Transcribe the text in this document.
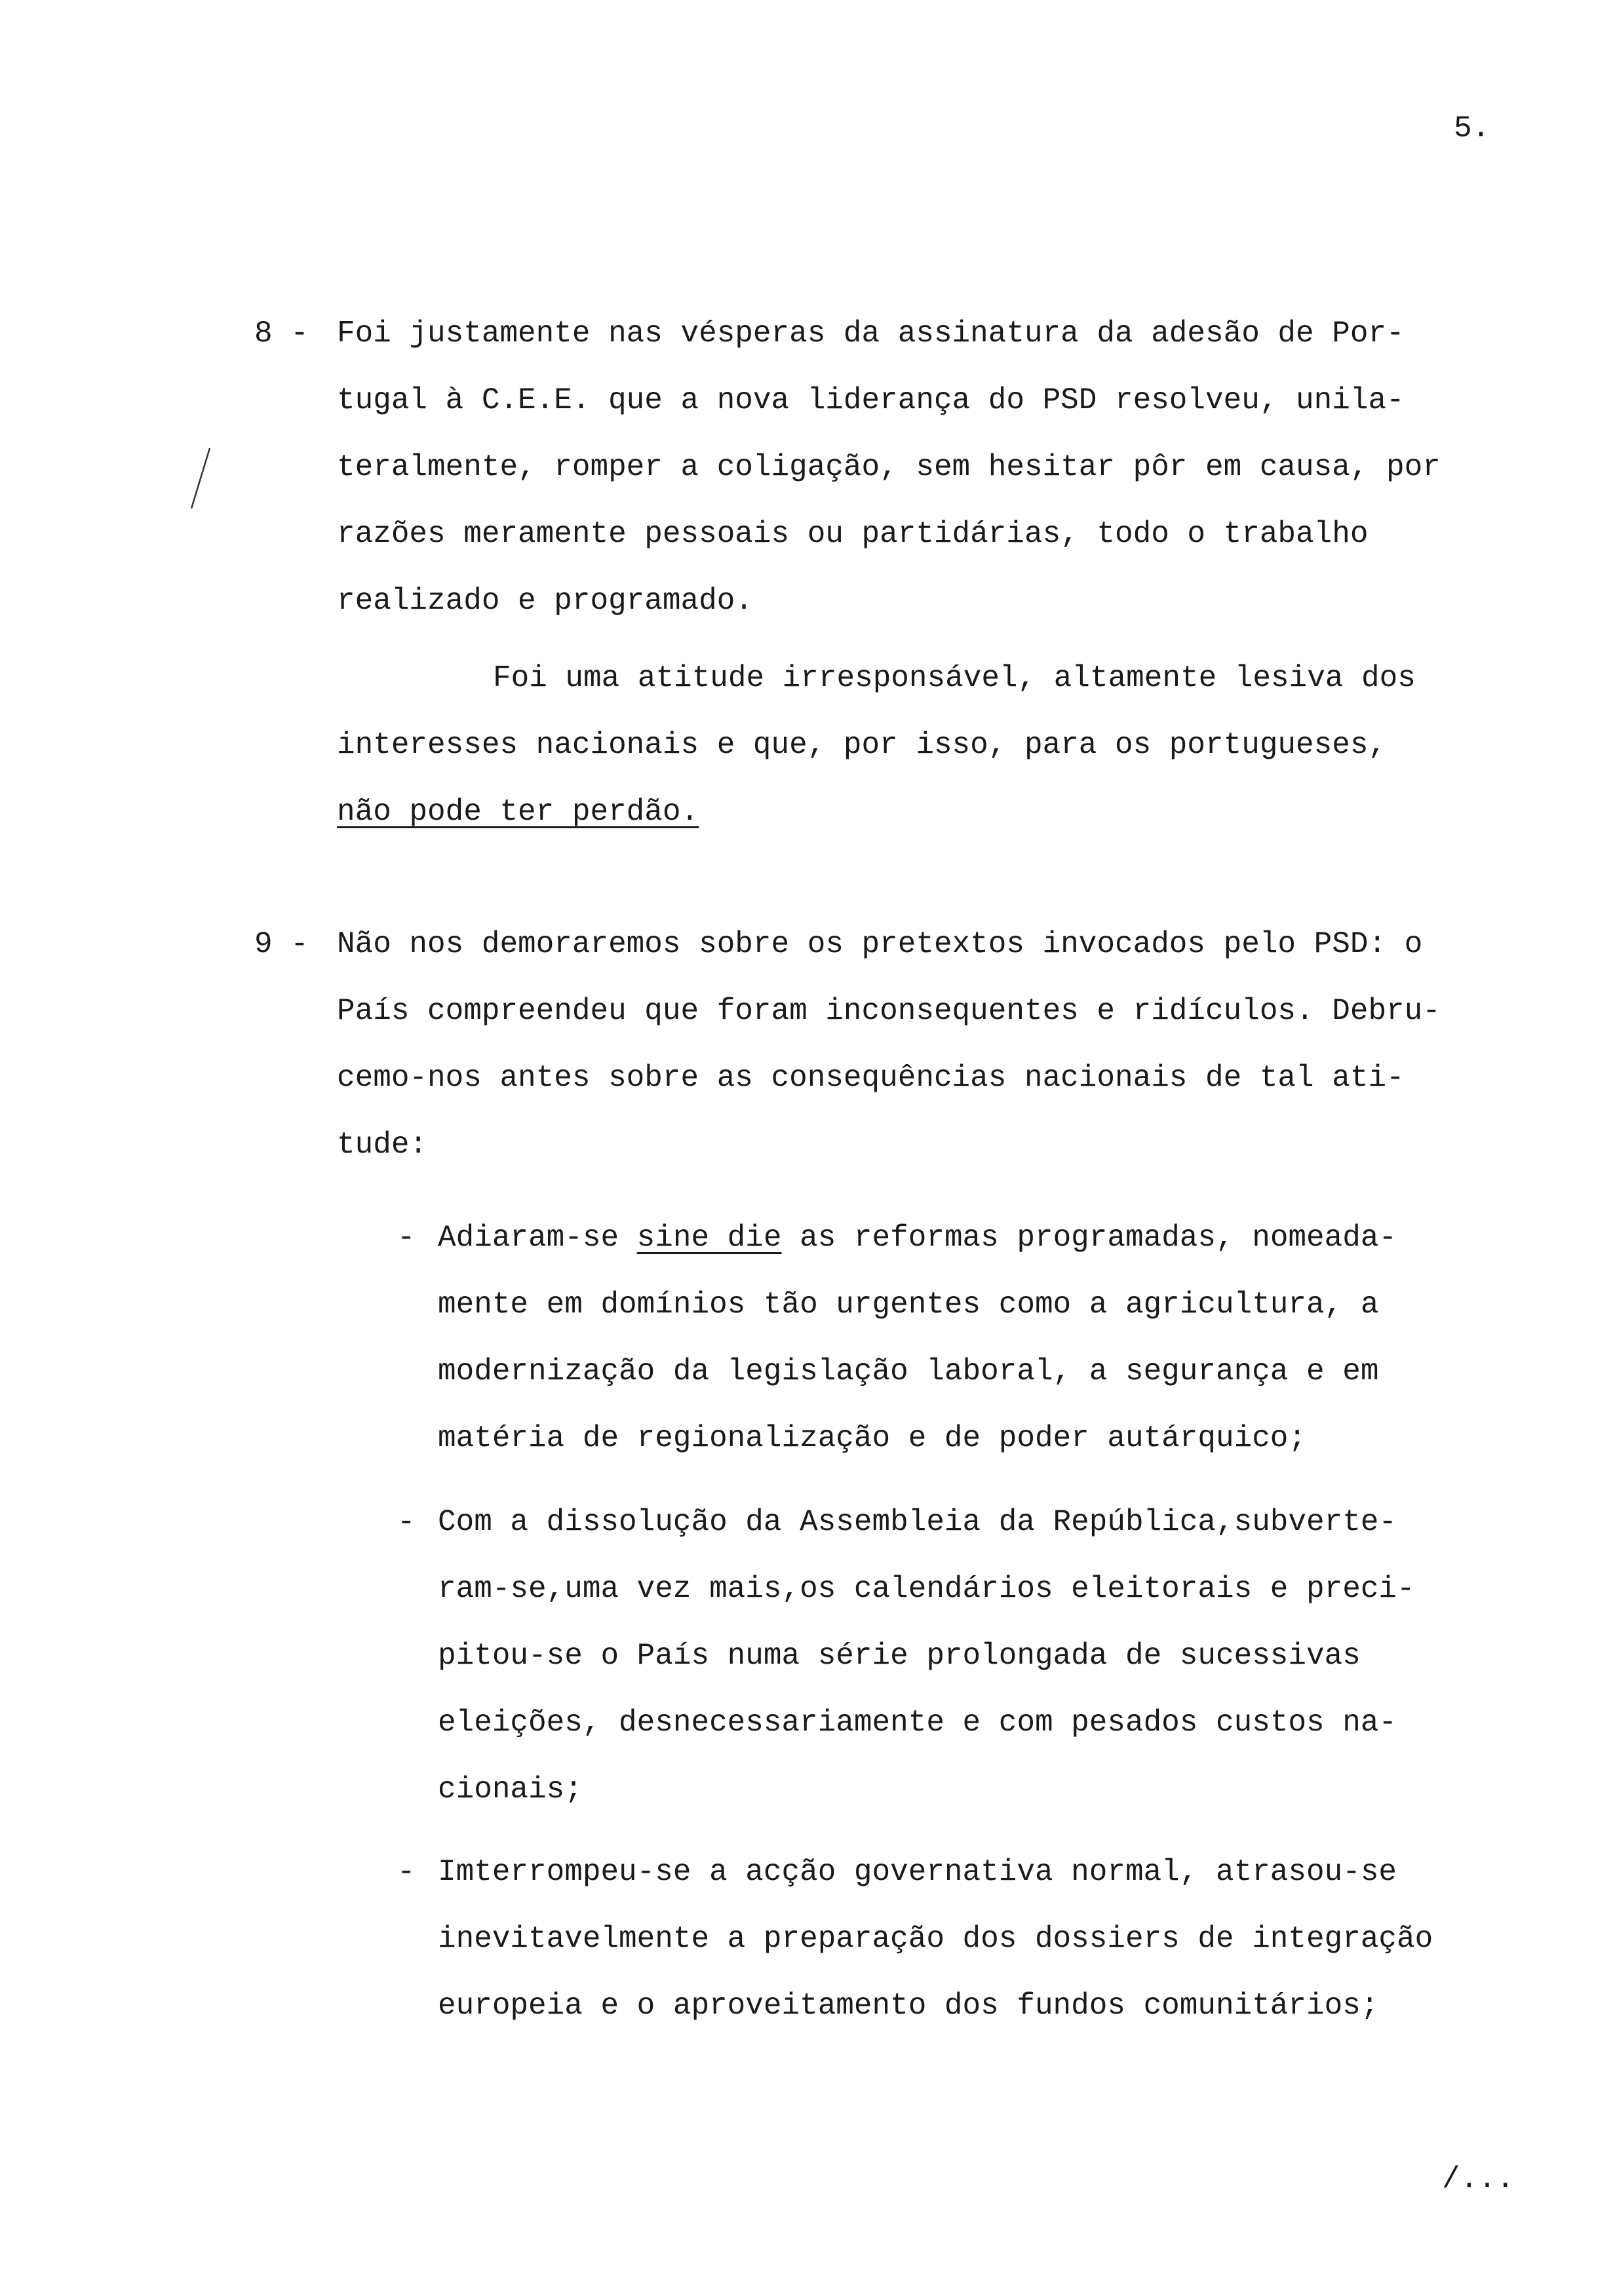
5.
8 - Foi justamente nas vésperas da assinatura da adesão de Por-
tugal à C.E.E. que a nova liderança do PSD resolveu, unila-
teralmente, romper a coligação, sem hesitar pôr em causa, por
razões meramente pessoais ou partidárias, todo o trabalho
realizado e programado.
Foi uma atitude irresponsável, altamente lesiva dos
interesses nacionais e que, por isso, para os portugueses,
não pode ter perdão.
9 - Não nos demoraremos sobre os pretextos invocados pelo PSD: o
País compreendeu que foram inconsequentes e ridículos. Debru-
cemo-nos antes sobre as consequências nacionais de tal ati-
tude:
- Adiaram-se sine die as reformas programadas, nomeada-
mente em domínios tão urgentes como a agricultura, a
modernização da legislação laboral, a segurança e em
matéria de regionalização e de poder autárquico;
- Com a dissolução da Assembleia da República,subverte-
ram-se,uma vez mais,os calendários eleitorais e preci-
pitou-se o País numa série prolongada de sucessivas
eleições, desnecessariamente e com pesados custos na-
cionais;
- Imterrompeu-se a acção governativa normal, atrasou-se
inevitavelmente a preparação dos dossiers de integração
europeia e o aproveitamento dos fundos comunitários;
/...
